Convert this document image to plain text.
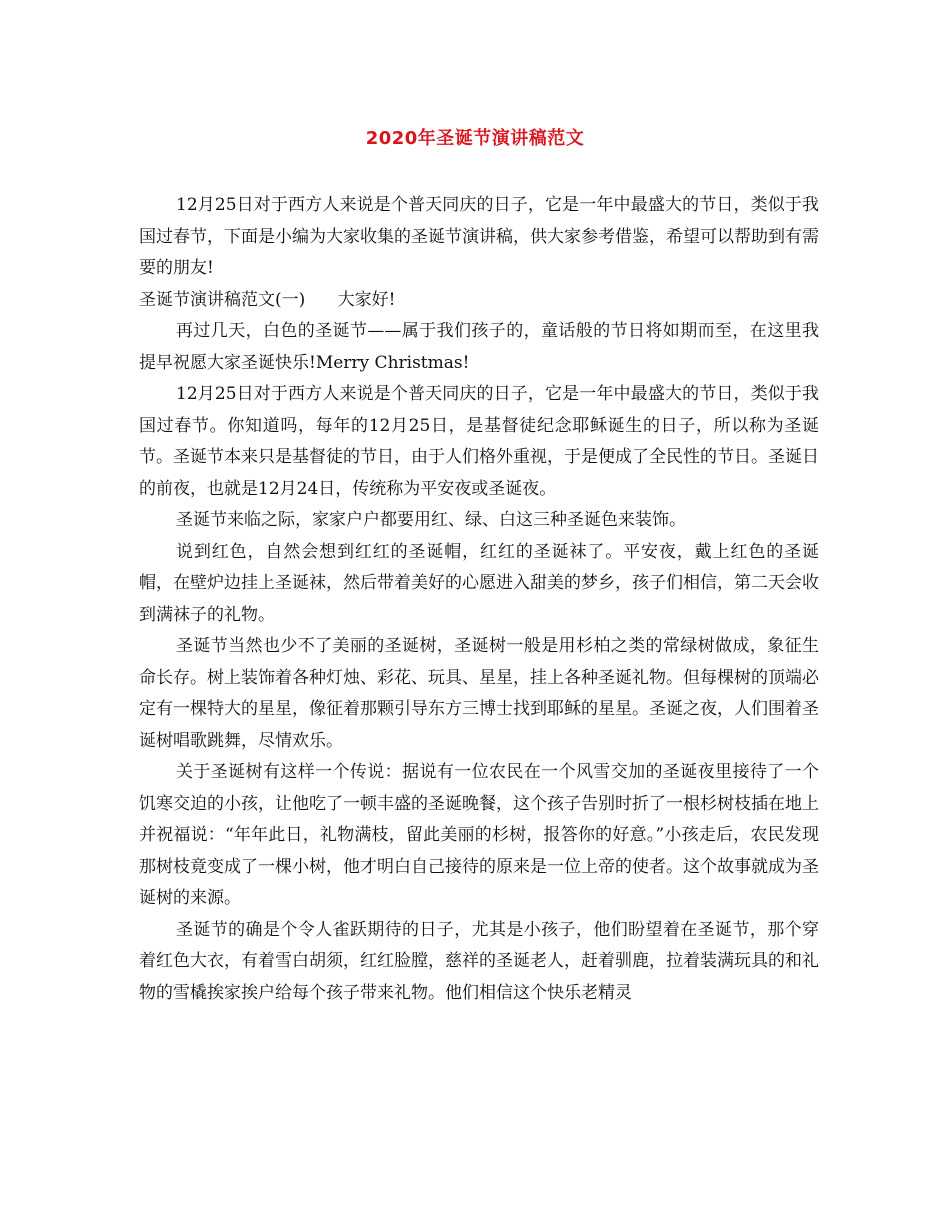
2020年圣诞节演讲稿范文

12月25日对于西方人来说是个普天同庆的日子，它是一年中最盛大的节日，类似于我国过春节，下面是小编为大家收集的圣诞节演讲稿，供大家参考借鉴，希望可以帮助到有需要的朋友!

圣诞节演讲稿范文(一)      大家好!

再过几天，白色的圣诞节——属于我们孩子的，童话般的节日将如期而至，在这里我提早祝愿大家圣诞快乐!Merry Christmas!

12月25日对于西方人来说是个普天同庆的日子，它是一年中最盛大的节日，类似于我国过春节。你知道吗，每年的12月25日，是基督徒纪念耶稣诞生的日子，所以称为圣诞节。圣诞节本来只是基督徒的节日，由于人们格外重视，于是便成了全民性的节日。圣诞日的前夜，也就是12月24日，传统称为平安夜或圣诞夜。

圣诞节来临之际，家家户户都要用红、绿、白这三种圣诞色来装饰。

说到红色，自然会想到红红的圣诞帽，红红的圣诞袜了。平安夜，戴上红色的圣诞帽，在壁炉边挂上圣诞袜，然后带着美好的心愿进入甜美的梦乡，孩子们相信，第二天会收到满袜子的礼物。

圣诞节当然也少不了美丽的圣诞树，圣诞树一般是用杉柏之类的常绿树做成，象征生命长存。树上装饰着各种灯烛、彩花、玩具、星星，挂上各种圣诞礼物。但每棵树的顶端必定有一棵特大的星星，像征着那颗引导东方三博士找到耶稣的星星。圣诞之夜，人们围着圣诞树唱歌跳舞，尽情欢乐。

关于圣诞树有这样一个传说：据说有一位农民在一个风雪交加的圣诞夜里接待了一个饥寒交迫的小孩，让他吃了一顿丰盛的圣诞晚餐，这个孩子告别时折了一根杉树枝插在地上并祝福说：“年年此日，礼物满枝，留此美丽的杉树，报答你的好意。”小孩走后，农民发现那树枝竟变成了一棵小树，他才明白自己接待的原来是一位上帝的使者。这个故事就成为圣诞树的来源。

圣诞节的确是个令人雀跃期待的日子，尤其是小孩子，他们盼望着在圣诞节，那个穿着红色大衣，有着雪白胡须，红红脸膛，慈祥的圣诞老人，赶着驯鹿，拉着装满玩具的和礼物的雪橇挨家挨户给每个孩子带来礼物。他们相信这个快乐老精灵
